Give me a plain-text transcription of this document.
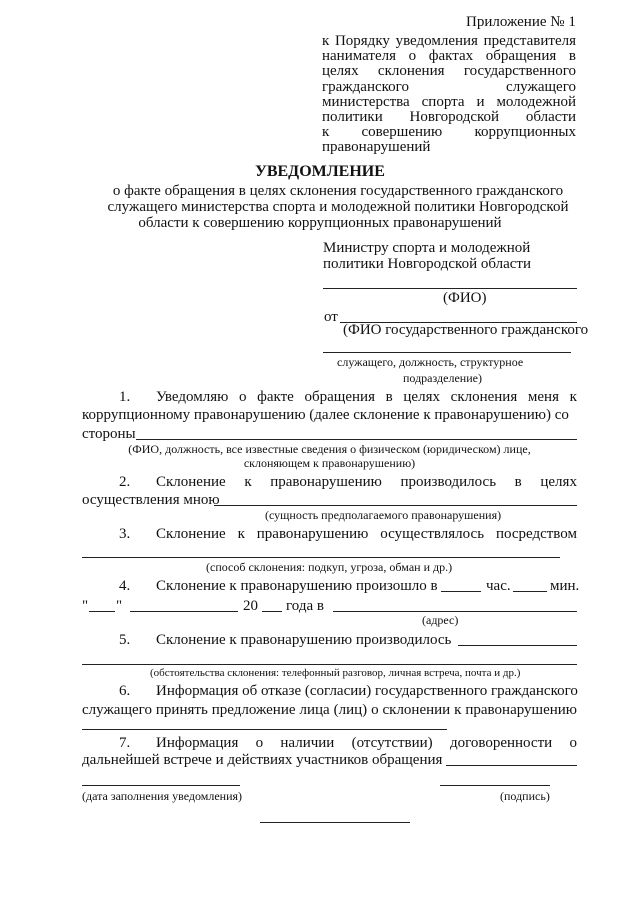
Приложение № 1
к Порядку уведомления представителя
нанимателя о фактах обращения в
целях склонения государственного
гражданского	служащего
министерства спорта и молодежной
политики Новгородской области
к совершению коррупционных
правонарушений
УВЕДОМЛЕНИЕ
о факте обращения в целях склонения государственного гражданского
служащего министерства спорта и молодежной политики Новгородской
области к совершению коррупционных правонарушений
Министру спорта и молодежной
политики Новгородской области
(ФИО)
от
(ФИО государственного гражданского
служащего, должность, структурное
подразделение)
1. Уведомляю о факте обращения в целях склонения меня к
коррупционному правонарушению (далее склонение к правонарушению) со
стороны
(ФИО, должность, все известные сведения о физическом (юридическом) лице,
склоняющем к правонарушению)
2. Склонение к правонарушению производилось в целях
осуществления мною
(сущность предполагаемого правонарушения)
3. Склонение к правонарушению осуществлялось посредством
(способ склонения: подкуп, угроза, обман и др.)
4. Склонение к правонарушению произошло в	час.	мин.
" "	20 года в
(адрес)
5. Склонение к правонарушению производилось
(обстоятельства склонения: телефонный разговор, личная встреча, почта и др.)
6. Информация об отказе (согласии) государственного гражданского
служащего принять предложение лица (лиц) о склонении к правонарушению
7. Информация о наличии (отсутствии) договоренности о
дальнейшей встрече и действиях участников обращения
(дата заполнения уведомления)	(подпись)
